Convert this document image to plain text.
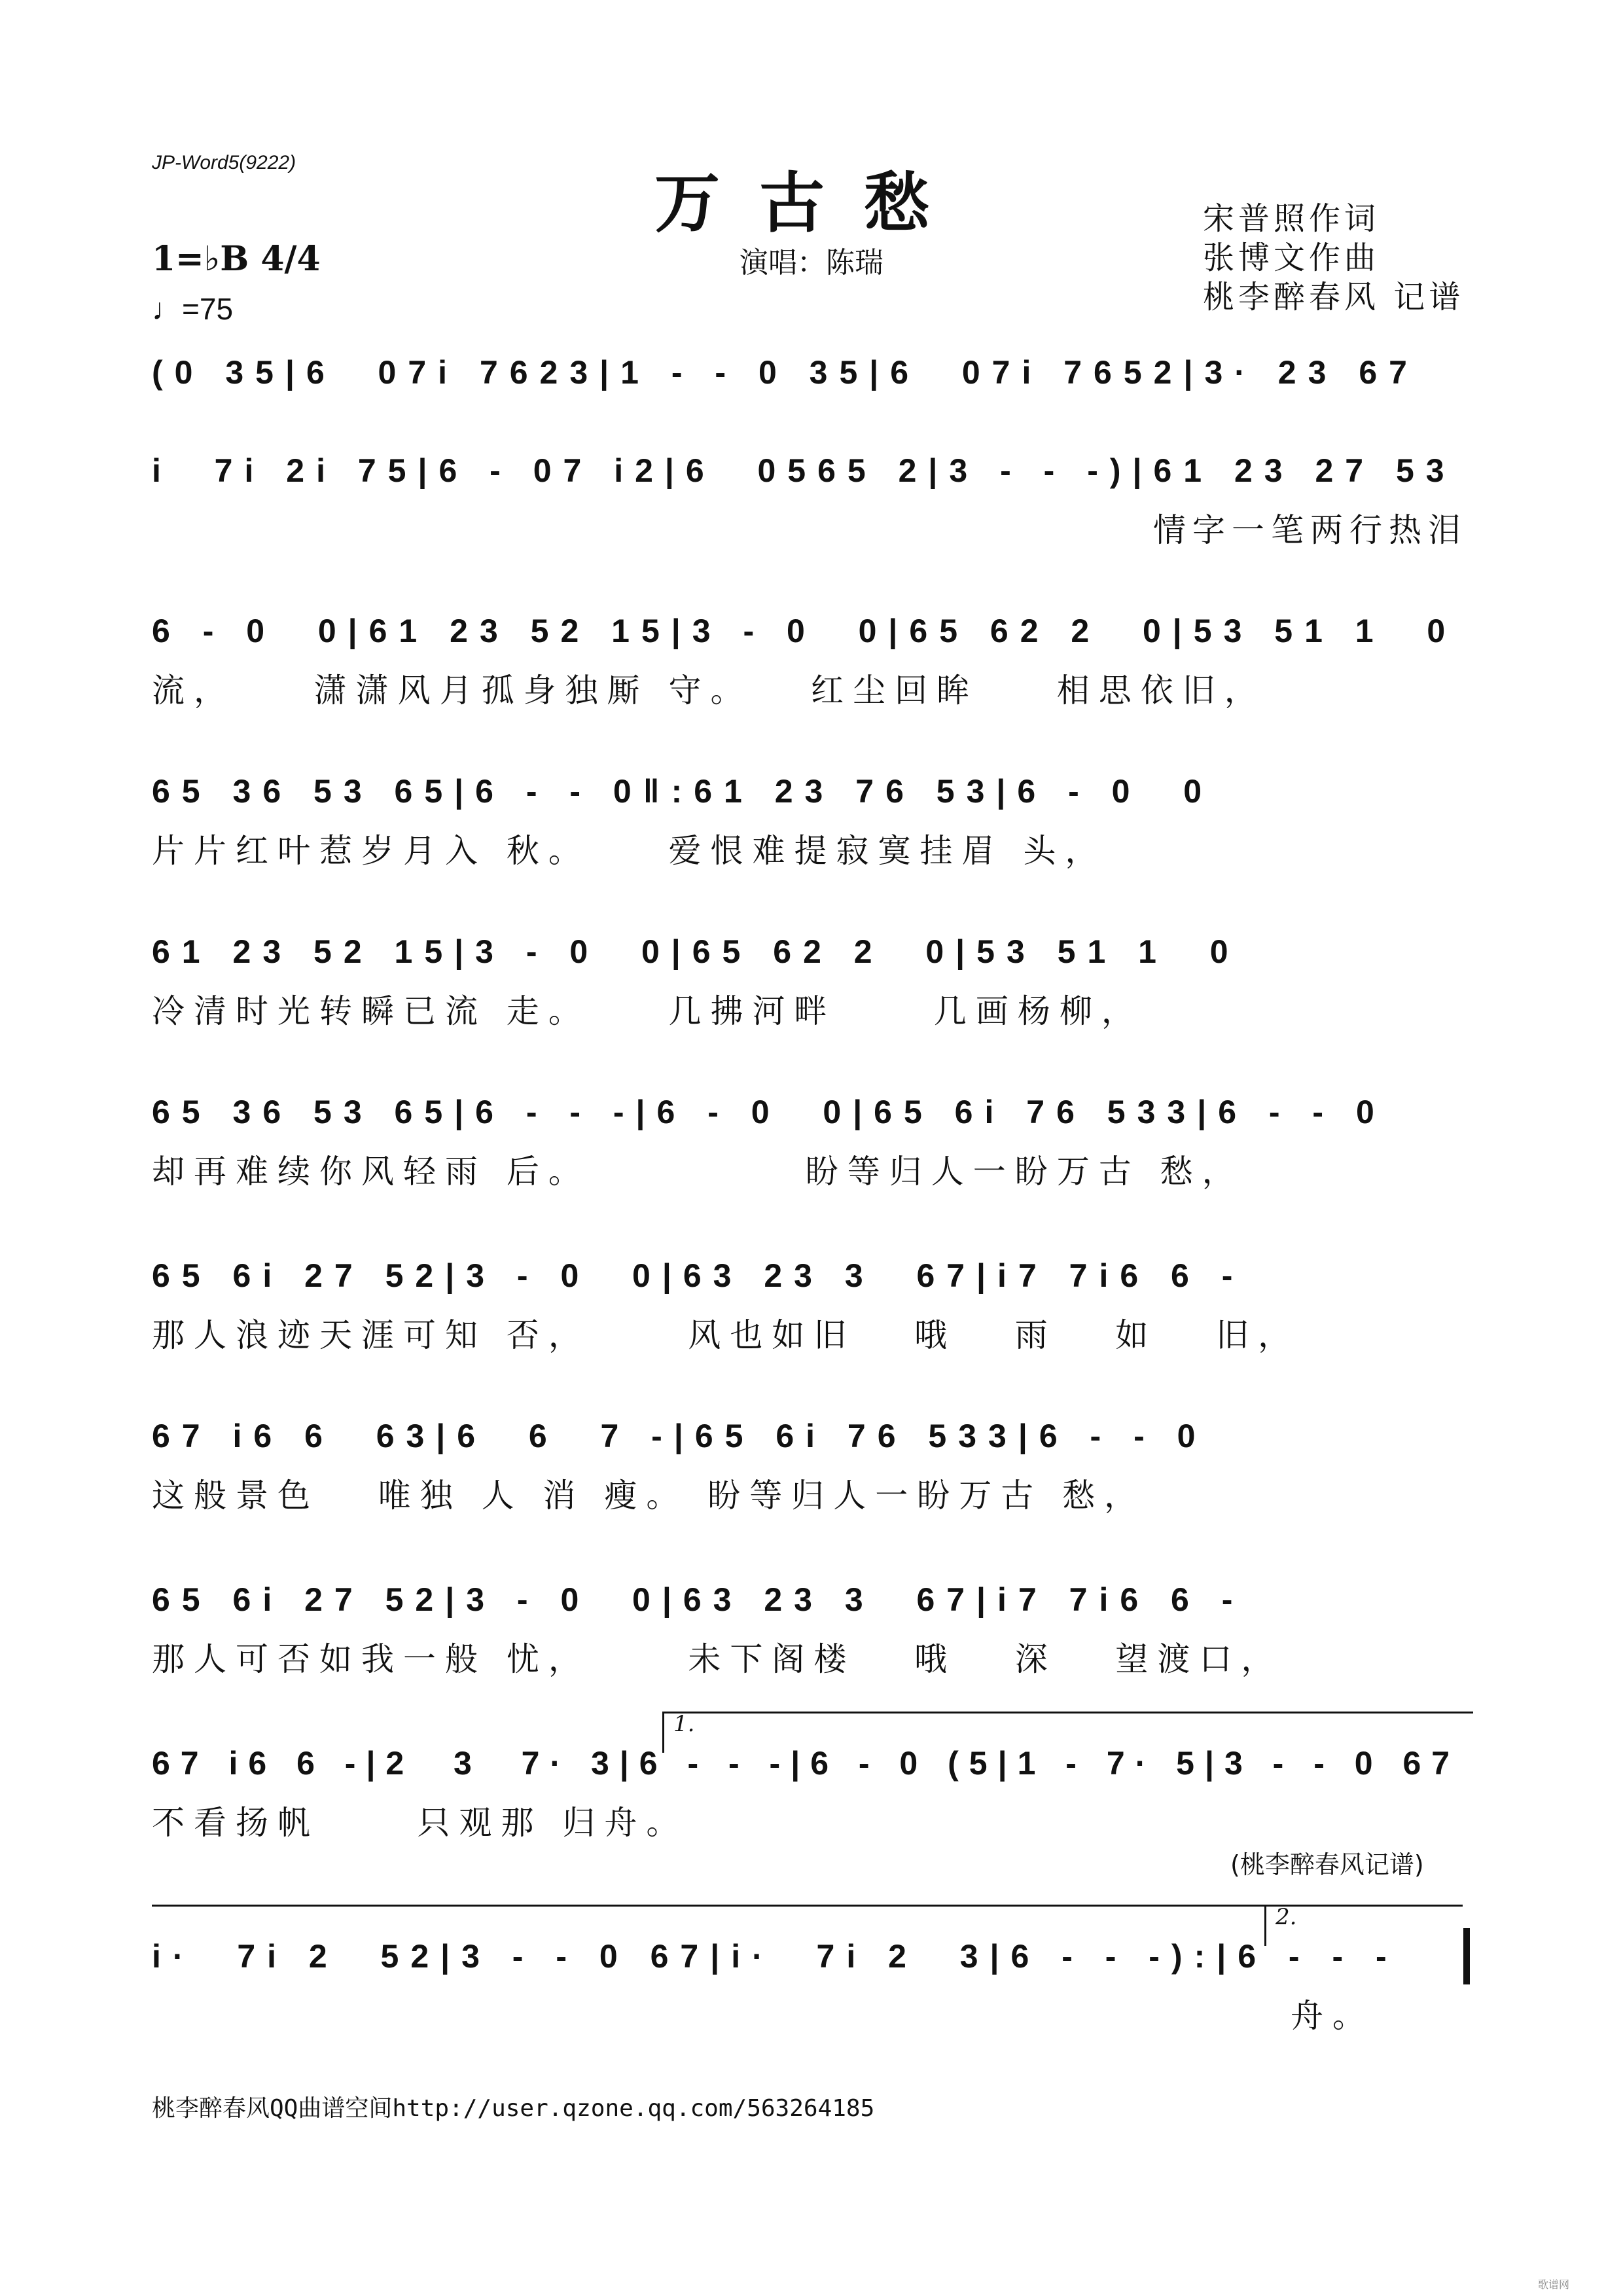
JP-Word5(9222)
万古愁
演唱：陈瑞
宋普照作词
张博文作曲
桃李醉春风 记谱
1=♭B 4/4
♩=75
(0 35|6  07i 7623|1 - - 0 35|6  07i 7652|3· 23 67
i  7i 2i 75|6 - 07 i2|6  0565 2|3 - - -)|61 23 27 53
情字一笔两行热泪
6 - 0  0|61 23 52 15|3 - 0  0|65 62 2  0|53 51 1  0
流，    潇潇风月孤身独厮 守。   红尘回眸    相思依旧，
65 36 53 65|6 - - 0‖:61 23 76 53|6 - 0  0
片片红叶惹岁月入 秋。    爱恨难提寂寞挂眉 头，
61 23 52 15|3 - 0  0|65 62 2  0|53 51 1  0
冷清时光转瞬已流 走。    几拂河畔     几画杨柳，
65 36 53 65|6 - - -|6 - 0  0|65 6i 76 533|6 - - 0
却再难续你风轻雨 后。           盼等归人一盼万古 愁，
65 6i 27 52|3 - 0  0|63 23 3  67|i7 7i6 6 -
那人浪迹天涯可知 否，     风也如旧   哦   雨   如   旧，
67 i6 6  63|6  6  7 -|65 6i 76 533|6 - - 0
这般景色   唯独 人 消 瘦。 盼等归人一盼万古 愁，
65 6i 27 52|3 - 0  0|63 23 3  67|i7 7i6 6 -
那人可否如我一般 忧，     未下阁楼   哦   深   望渡口，
1.
67 i6 6 -|2  3  7· 3|6 - - -|6 - 0 (5|1 - 7· 5|3 - - 0 67
不看扬帆     只观那 归舟。
(桃李醉春风记谱)
2.
i·  7i 2  52|3 - - 0 67|i·  7i 2  3|6 - - -):|6 - - -
舟。
桃李醉春风QQ曲谱空间http://user.qzone.qq.com/563264185
歌谱网
